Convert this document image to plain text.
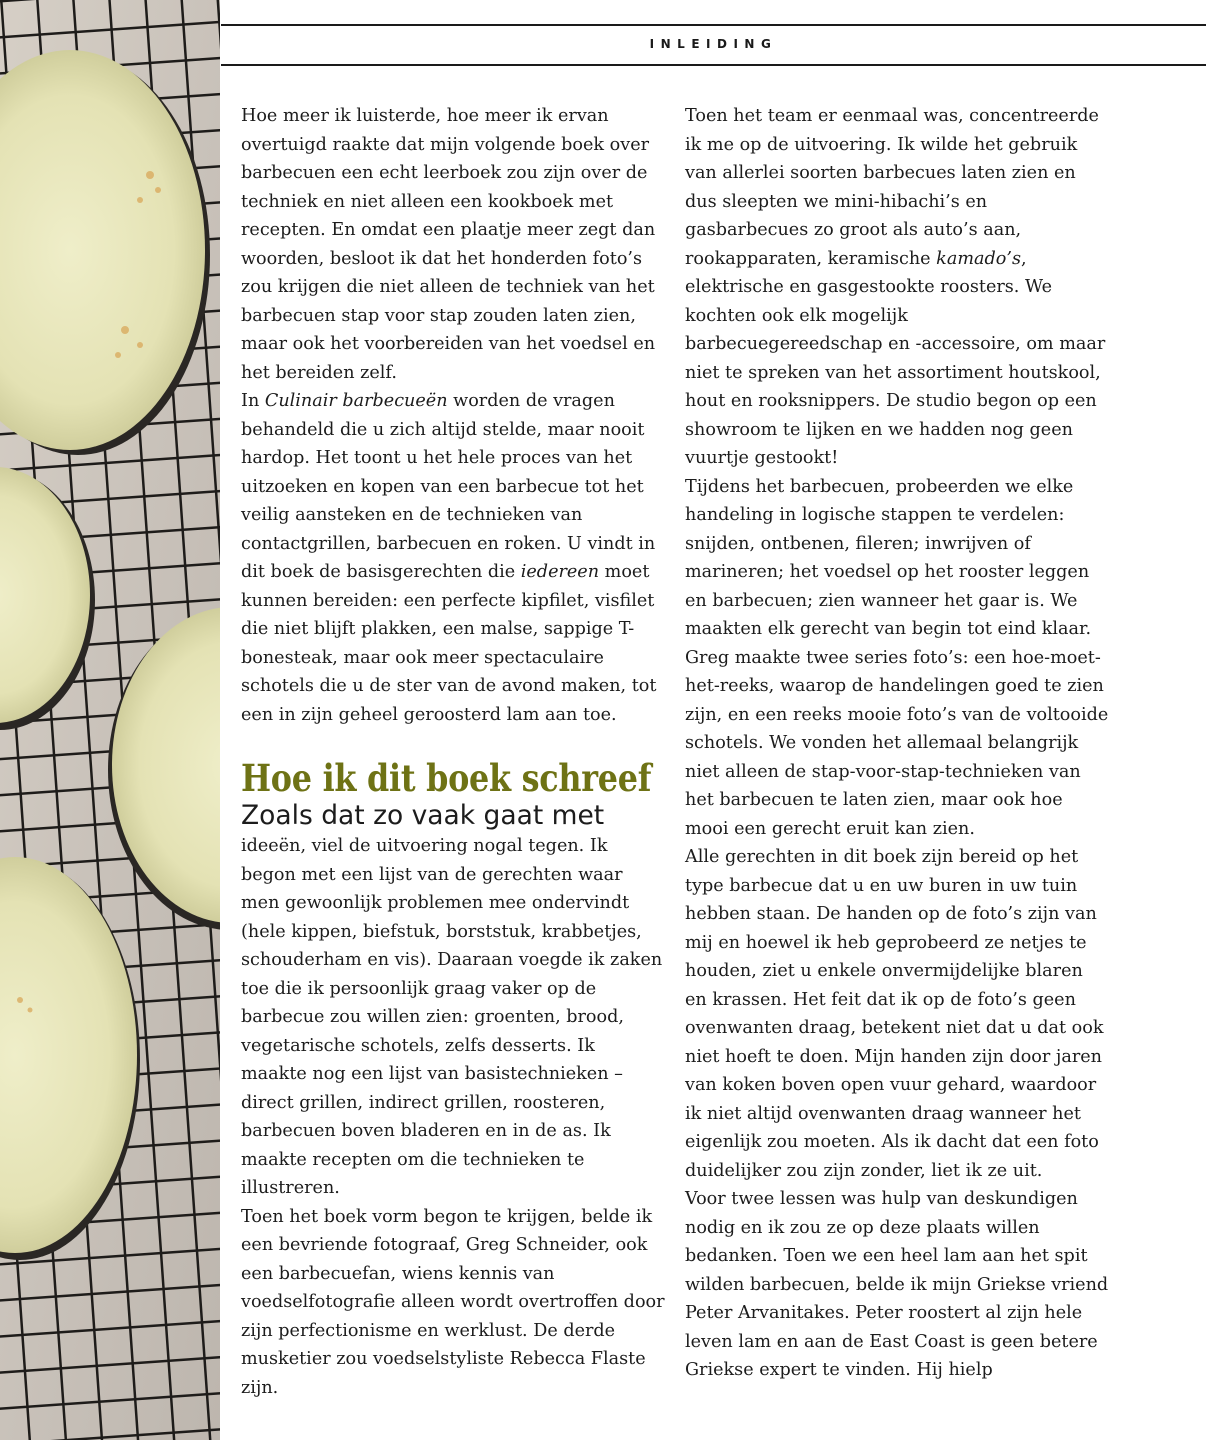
INLEIDING

Hoe meer ik luisterde, hoe meer ik ervan overtuigd raakte dat mijn volgende boek over barbecuen een echt leerboek zou zijn over de techniek en niet alleen een kookboek met recepten. En omdat een plaatje meer zegt dan woorden, besloot ik dat het honderden foto’s zou krijgen die niet alleen de techniek van het barbecuen stap voor stap zouden laten zien, maar ook het voorbereiden van het voedsel en het bereiden zelf.

In Culinair barbecueën worden de vragen behandeld die u zich altijd stelde, maar nooit hardop. Het toont u het hele proces van het uitzoeken en kopen van een barbecue tot het veilig aansteken en de technieken van contactgrillen, barbecuen en roken. U vindt in dit boek de basisgerechten die iedereen moet kunnen bereiden: een perfecte kipfilet, visfilet die niet blijft plakken, een malse, sappige T-bonesteak, maar ook meer spectaculaire schotels die u de ster van de avond maken, tot een in zijn geheel geroosterd lam aan toe.

Hoe ik dit boek schreef

Zoals dat zo vaak gaat met

ideeën, viel de uitvoering nogal tegen. Ik begon met een lijst van de gerechten waar men gewoonlijk problemen mee ondervindt (hele kippen, biefstuk, borststuk, krabbetjes, schouderham en vis). Daaraan voegde ik zaken toe die ik persoonlijk graag vaker op de barbecue zou willen zien: groenten, brood, vegetarische schotels, zelfs desserts. Ik maakte nog een lijst van basistechnieken – direct grillen, indirect grillen, roosteren, barbecuen boven bladeren en in de as. Ik maakte recepten om die technieken te illustreren.

Toen het boek vorm begon te krijgen, belde ik een bevriende fotograaf, Greg Schneider, ook een barbecuefan, wiens kennis van voedselfotografie alleen wordt overtroffen door zijn perfectionisme en werklust. De derde musketier zou voedselstyliste Rebecca Flaste zijn.

Toen het team er eenmaal was, concentreerde ik me op de uitvoering. Ik wilde het gebruik van allerlei soorten barbecues laten zien en dus sleepten we mini-hibachi’s en gasbarbecues zo groot als auto’s aan, rookapparaten, keramische kamado’s, elektrische en gasgestookte roosters. We kochten ook elk mogelijk barbecuegereedschap en -accessoire, om maar niet te spreken van het assortiment houtskool, hout en rooksnippers. De studio begon op een showroom te lijken en we hadden nog geen vuurtje gestookt!

Tijdens het barbecuen, probeerden we elke handeling in logische stappen te verdelen: snijden, ontbenen, fileren; inwrijven of marineren; het voedsel op het rooster leggen en barbecuen; zien wanneer het gaar is. We maakten elk gerecht van begin tot eind klaar. Greg maakte twee series foto’s: een hoe-moet-het-reeks, waarop de handelingen goed te zien zijn, en een reeks mooie foto’s van de voltooide schotels. We vonden het allemaal belangrijk niet alleen de stap-voor-stap-technieken van het barbecuen te laten zien, maar ook hoe mooi een gerecht eruit kan zien.

Alle gerechten in dit boek zijn bereid op het type barbecue dat u en uw buren in uw tuin hebben staan. De handen op de foto’s zijn van mij en hoewel ik heb geprobeerd ze netjes te houden, ziet u enkele onvermijdelijke blaren en krassen. Het feit dat ik op de foto’s geen ovenwanten draag, betekent niet dat u dat ook niet hoeft te doen. Mijn handen zijn door jaren van koken boven open vuur gehard, waardoor ik niet altijd ovenwanten draag wanneer het eigenlijk zou moeten. Als ik dacht dat een foto duidelijker zou zijn zonder, liet ik ze uit.

Voor twee lessen was hulp van deskundigen nodig en ik zou ze op deze plaats willen bedanken. Toen we een heel lam aan het spit wilden barbecuen, belde ik mijn Griekse vriend Peter Arvanitakes. Peter roostert al zijn hele leven lam en aan de East Coast is geen betere Griekse expert te vinden. Hij hielp
